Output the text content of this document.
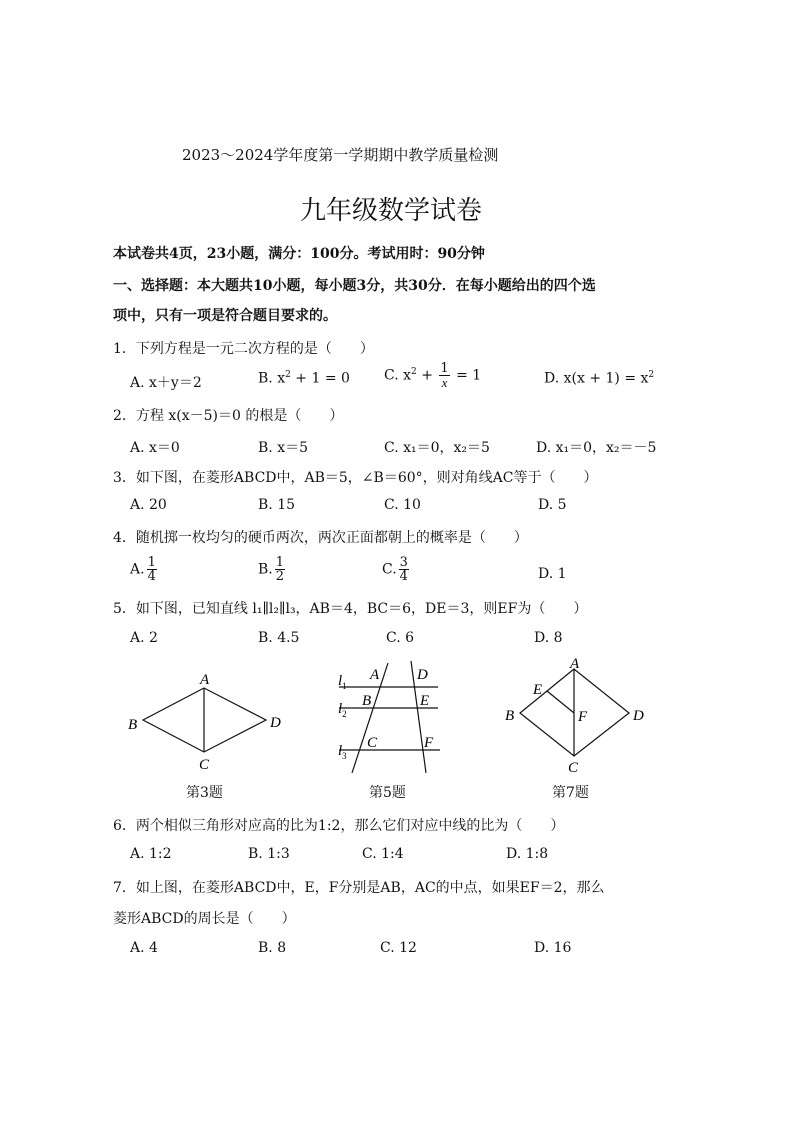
2023～2024学年度第一学期期中教学质量检测
九年级数学试卷
本试卷共4页，23小题，满分：100分。考试用时：90分钟
一、选择题：本大题共10小题，每小题3分，共30分．在每小题给出的四个选
项中，只有一项是符合题目要求的。
1．下列方程是一元二次方程的是（　　）
A. x＋y＝2	B. $x^2 + 1 = 0$ C. $x^2 + \frac{1}{x} = 1$	D. $x(x + 1) = x^2$
2．方程 x(x－5)＝0 的根是（　　）
A. x＝0	B. x＝5	C. x₁＝0，x₂＝5	D. x₁＝0，x₂＝－5
3．如下图，在菱形ABCD中，AB＝5，∠B＝60°，则对角线AC等于（　　）
A. 20	B. 15	C. 10	D. 5
4．随机掷一枚均匀的硬币两次，两次正面都朝上的概率是（　　）
A. $\frac{1}{4}$	B. $\frac{1}{2}$	C. $\frac{3}{4}$	D. 1
5．如下图，已知直线 l₁∥l₂∥l₃，AB＝4，BC＝6，DE＝3，则EF为（　　）
A. 2	B. 4.5	C. 6	D. 8
A
B
C
D
$l_1$
$l_2$
$l_3$
A
B
C
D
E
F
A
B
C
D
E
F
第3题	第5题	第7题
6．两个相似三角形对应高的比为1:2，那么它们对应中线的比为（　　）
A. 1:2	B. 1:3	C. 1:4	D. 1:8
7．如上图，在菱形ABCD中，E，F分别是AB，AC的中点，如果EF＝2，那么
菱形ABCD的周长是（　　）
A. 4	B. 8	C. 12	D. 16
